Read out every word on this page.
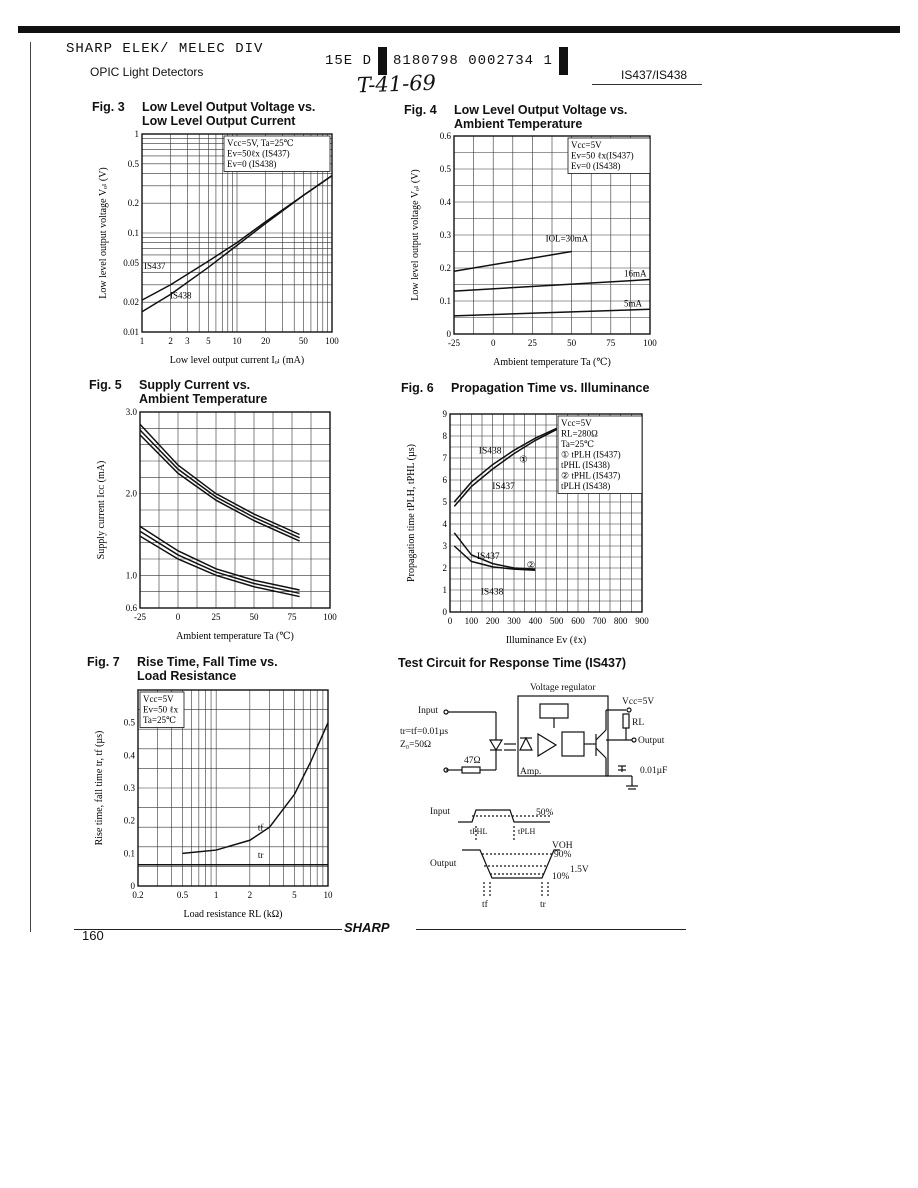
SHARP ELEK/ MELEC DIV
15E D 8180798 0002734 1
OPIC Light Detectors	IS437/IS438
T-41-69
Fig. 3 Low Level Output Voltage vs.
Low Level Output Current
Fig. 4 Low Level Output Voltage vs.
Ambient Temperature
Fig. 5 Supply Current vs.
Ambient Temperature
Fig. 6 Propagation Time vs. Illuminance
Fig. 7 Rise Time, Fall Time vs.
Load Resistance
Test Circuit for Response Time (IS437)
1	2 3 5 10 20	50 100
0.01
0.02
0.05
0.1
0.2
0.5
1
Low level output current Iₒₗ (mA)
Low level output voltage Vₒₗ (V)
Vcc=5V, Ta=25℃
Ev=50ℓx (IS437)
Ev=0 (IS438)
IS437
IS438
-25	0	25	50	75	100
0
0.1
0.2
0.3
0.4
0.5
0.6
Ambient temperature Ta (℃)
Low level output voltage Vₒₗ (V)
Vcc=5V
Ev=50 ℓx(IS437)
Ev=0 (IS438)
IOL=30mA
16mA
5mA
-25	0	25	50	75	100
0.6
1.0
2.0
3.0
Ambient temperature Ta (℃)
Supply current Iᴄᴄ (mA)
0 100 200 300 400 500 600 700 800 900
0
1
2
3
4
5
6
7
8
9
Illuminance Ev (ℓx)
Propagation time tPLH, tPHL (µs)
Vcc=5V
RL=280Ω
Ta=25℃
① tPLH (IS437)
tPHL (IS438)
② tPHL (IS437)
tPLH (IS438)
IS438
①
IS437
IS437
②
IS438
0.2	0.5	1	2	5	10
0
0.1
0.2
0.3
0.4
0.5
Load resistance RL (kΩ)
Rise time, fall time tr, tf (µs)
Vcc=5V
Ev=50 ℓx
Ta=25℃
tf
tr
Voltage regulator
Vcc=5V
RL
Output
Input
tr=tf=0.01µs
Z₀=50Ω
47Ω
Amp.	0.01µF
Input	50%
tPHL	tPLH
VOH
90%
Output
1.5V
10%
tf	tr
SHARP
160
